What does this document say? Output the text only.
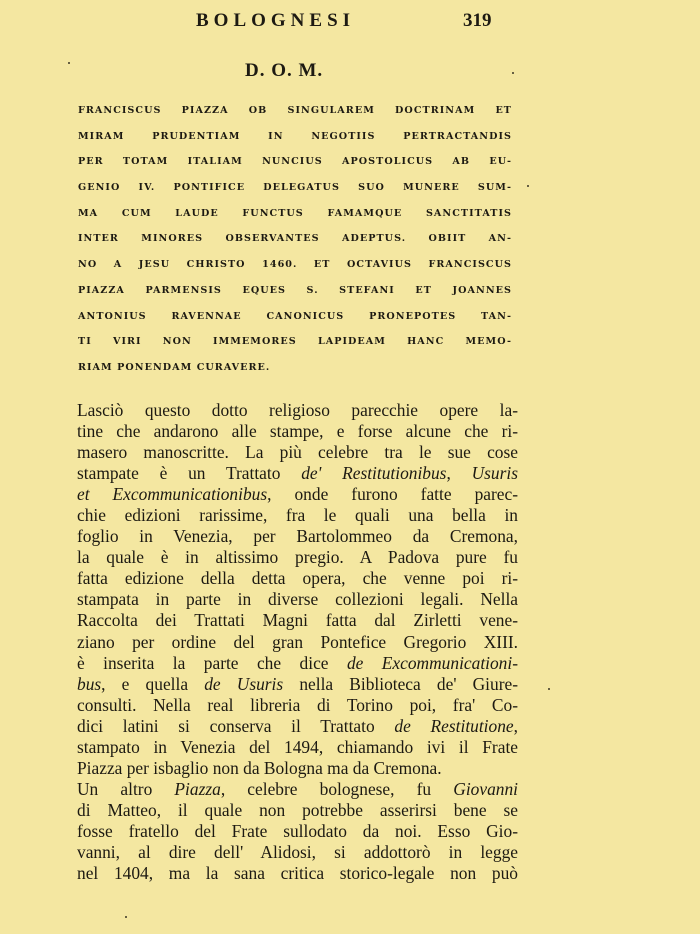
BOLOGNESI	319
D. O. M.
FRANCISCUS PIAZZA OB SINGULAREM DOCTRINAM ET
MIRAM PRUDENTIAM IN NEGOTIIS PERTRACTANDIS
PER TOTAM ITALIAM NUNCIUS APOSTOLICUS AB EU-
GENIO IV. PONTIFICE DELEGATUS SUO MUNERE SUM-
MA CUM LAUDE FUNCTUS FAMAMQUE SANCTITATIS
INTER MINORES OBSERVANTES ADEPTUS. OBIIT AN-
NO A JESU CHRISTO 1460. ET OCTAVIUS FRANCISCUS
PIAZZA PARMENSIS EQUES S. STEFANI ET JOANNES
ANTONIUS RAVENNAE CANONICUS PRONEPOTES TAN-
TI VIRI NON IMMEMORES LAPIDEAM HANC MEMO-
RIAM PONENDAM CURAVERE.
Lasciò questo dotto religioso parecchie opere la-
tine che andarono alle stampe, e forse alcune che ri-
masero manoscritte. La più celebre tra le sue cose
stampate è un Trattato de' Restitutionibus, Usuris
et Excommunicationibus, onde furono fatte parec-
chie edizioni rarissime, fra le quali una bella in
foglio in Venezia, per Bartolommeo da Cremona,
la quale è in altissimo pregio. A Padova pure fu
fatta edizione della detta opera, che venne poi ri-
stampata in parte in diverse collezioni legali. Nella
Raccolta dei Trattati Magni fatta dal Zirletti vene-
ziano per ordine del gran Pontefice Gregorio XIII.
è inserita la parte che dice de Excommunicationi-
bus, e quella de Usuris nella Biblioteca de' Giure-
consulti. Nella real libreria di Torino poi, fra' Co-
dici latini si conserva il Trattato de Restitutione,
stampato in Venezia del 1494, chiamando ivi il Frate
Piazza per isbaglio non da Bologna ma da Cremona.
Un altro Piazza, celebre bolognese, fu Giovanni
di Matteo, il quale non potrebbe asserirsi bene se
fosse fratello del Frate sullodato da noi. Esso Gio-
vanni, al dire dell' Alidosi, si addottorò in legge
nel 1404, ma la sana critica storico-legale non può
